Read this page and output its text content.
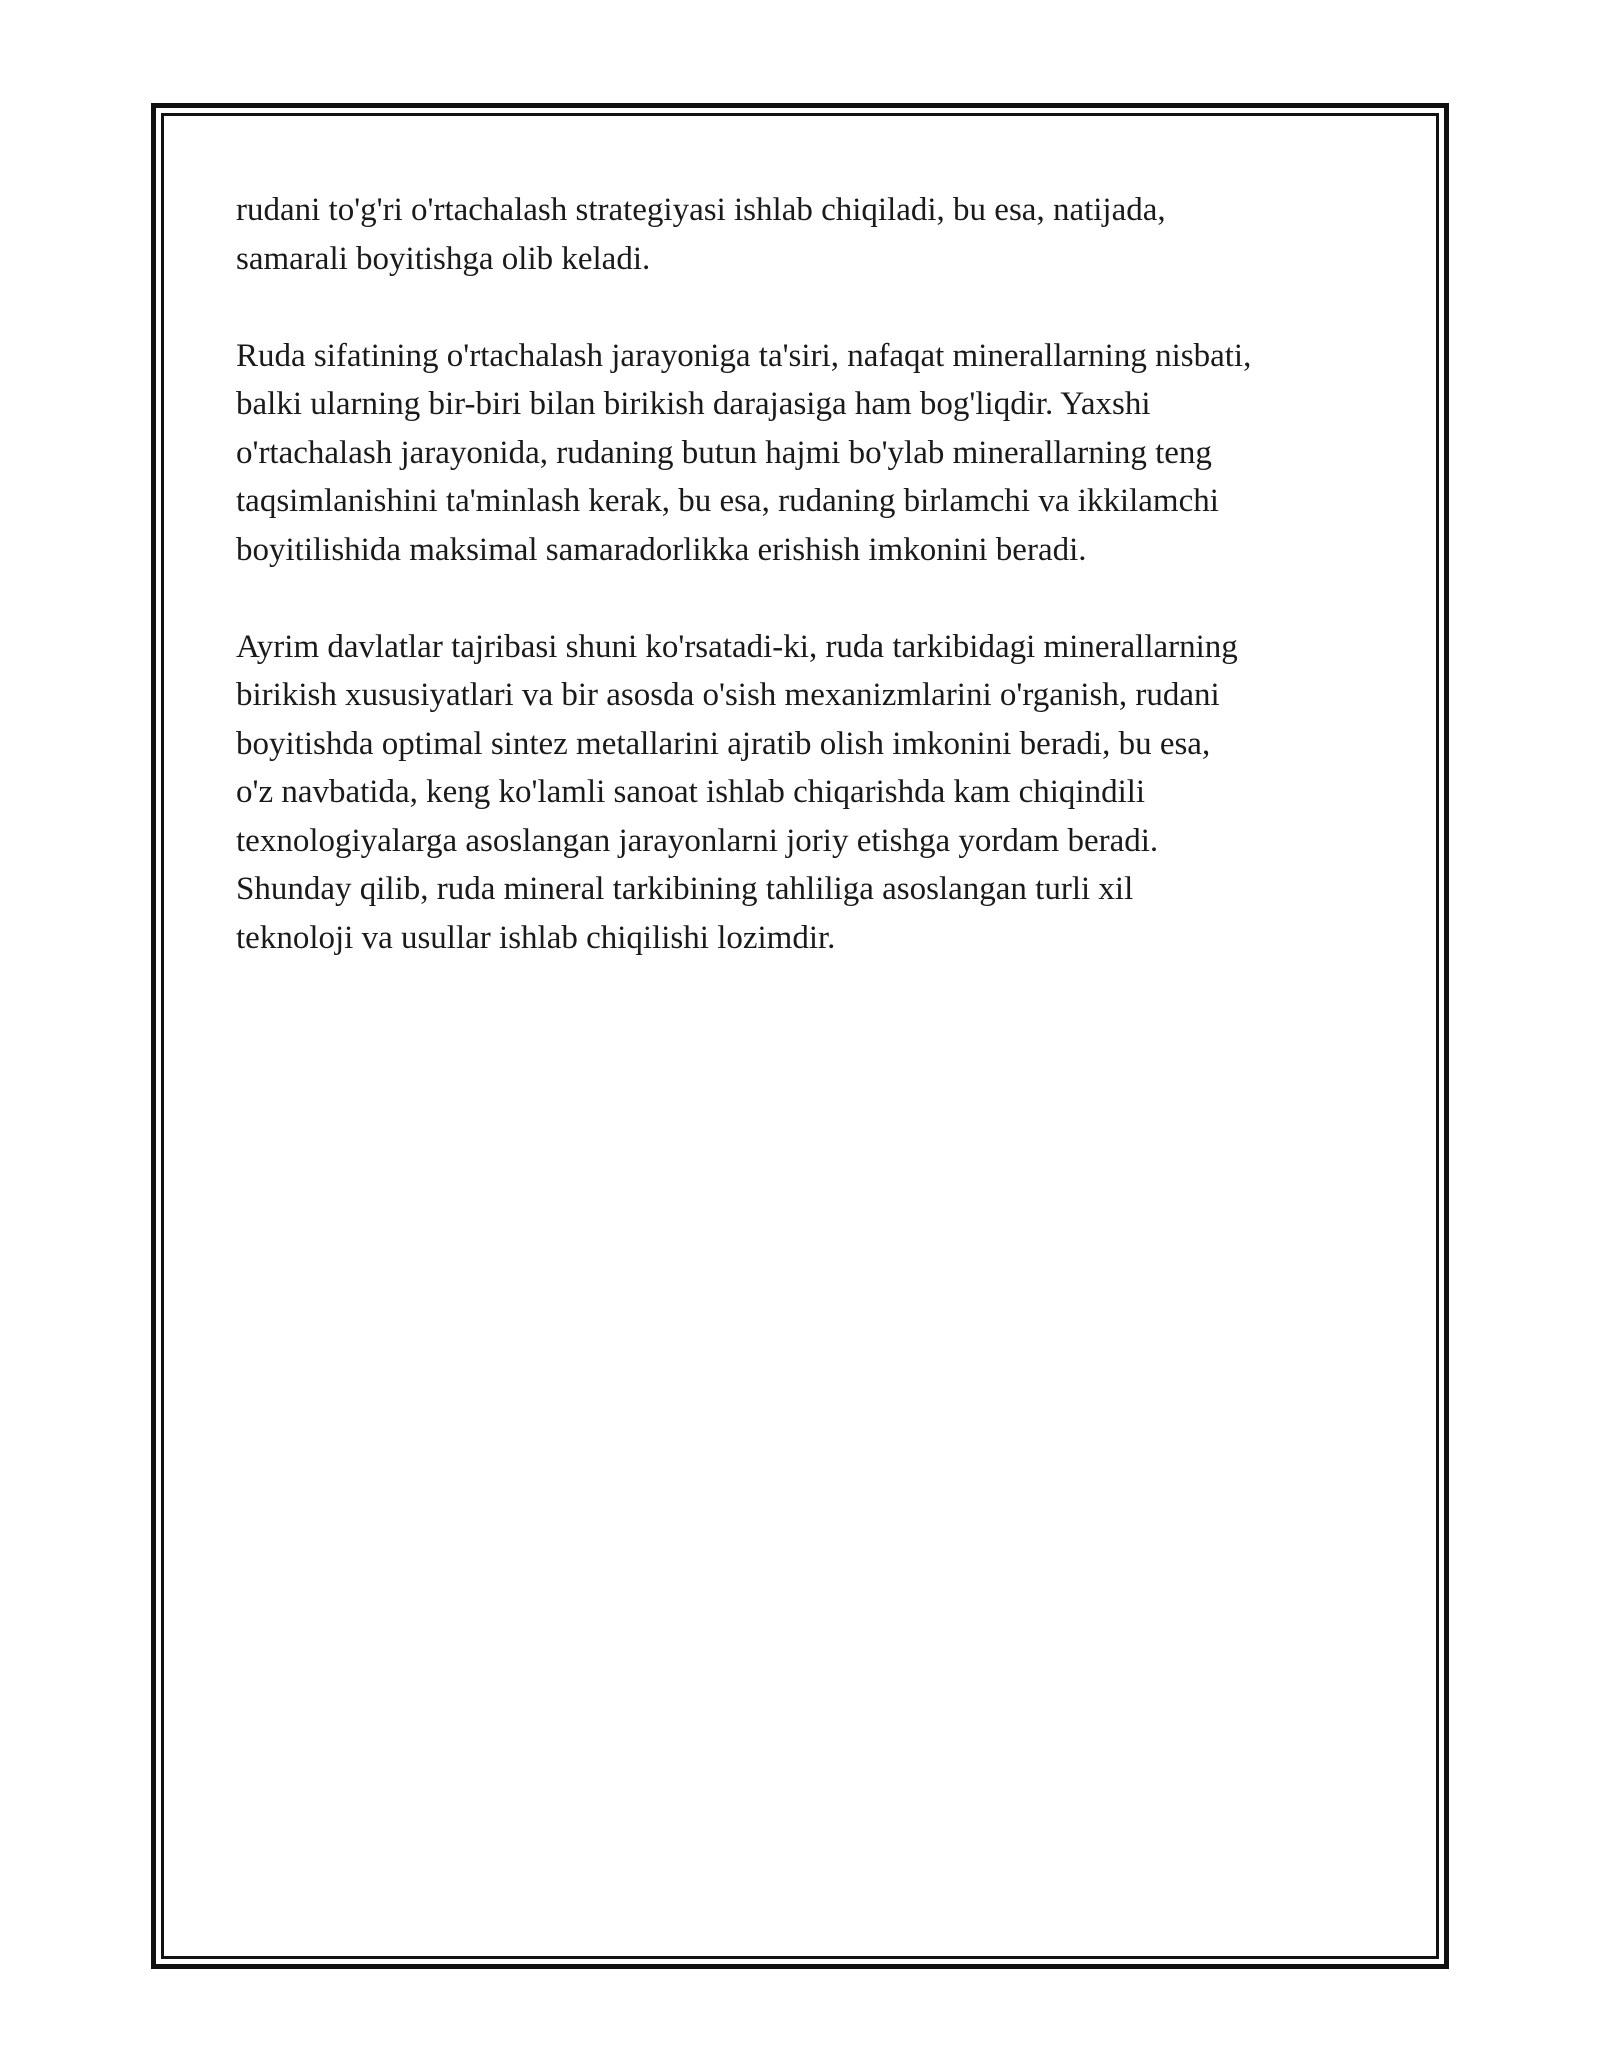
rudani to'g'ri o'rtachalash strategiyasi ishlab chiqiladi, bu esa, natijada,
samarali boyitishga olib keladi.

Ruda sifatining o'rtachalash jarayoniga ta'siri, nafaqat minerallarning nisbati,
balki ularning bir-biri bilan birikish darajasiga ham bog'liqdir. Yaxshi
o'rtachalash jarayonida, rudaning butun hajmi bo'ylab minerallarning teng
taqsimlanishini ta'minlash kerak, bu esa, rudaning birlamchi va ikkilamchi
boyitilishida maksimal samaradorlikka erishish imkonini beradi.

Ayrim davlatlar tajribasi shuni ko'rsatadi-ki, ruda tarkibidagi minerallarning
birikish xususiyatlari va bir asosda o'sish mexanizmlarini o'rganish, rudani
boyitishda optimal sintez metallarini ajratib olish imkonini beradi, bu esa,
o'z navbatida, keng ko'lamli sanoat ishlab chiqarishda kam chiqindili
texnologiyalarga asoslangan jarayonlarni joriy etishga yordam beradi.
Shunday qilib, ruda mineral tarkibining tahliliga asoslangan turli xil
teknoloji va usullar ishlab chiqilishi lozimdir.
